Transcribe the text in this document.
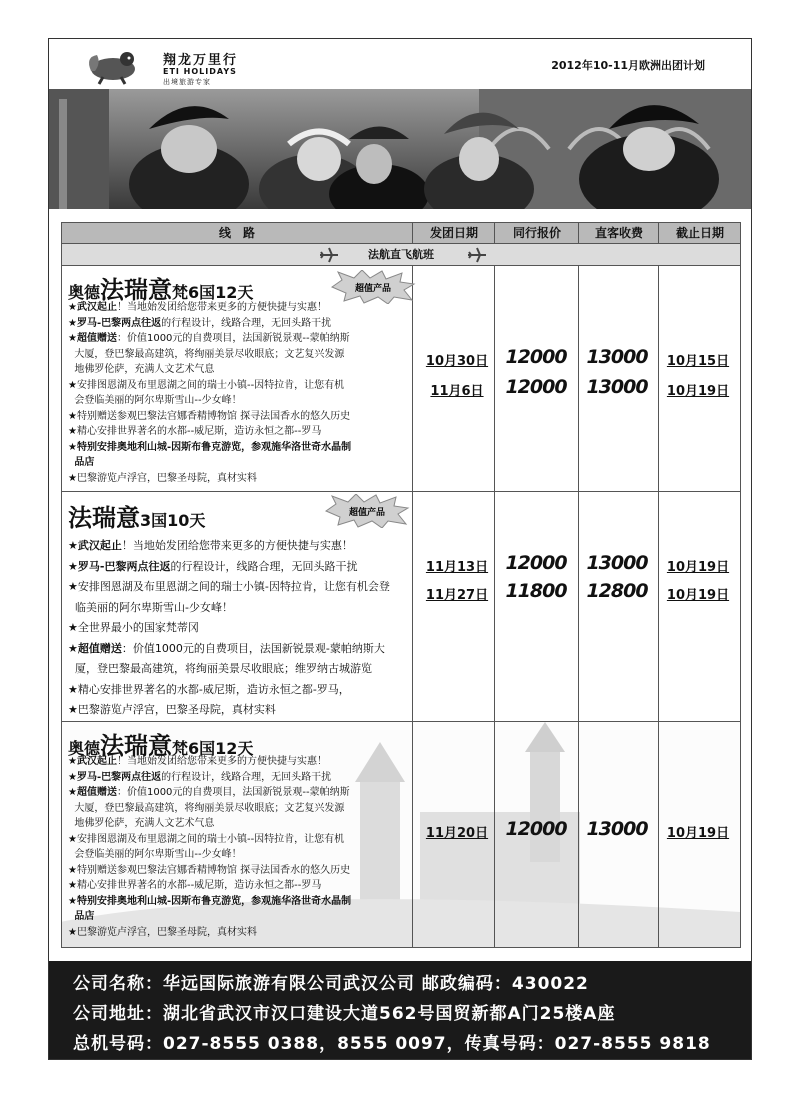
翔龙万里行
ETI HOLIDAYS
出境旅游专家
2012年10-11月欧洲出团计划
线　路	发团日期	同行报价	直客收费	截止日期
法航直飞航班
奥德法瑞意梵6国12天	超值产品
★武汉起止！当地始发团给您带来更多的方便快捷与实惠！
★罗马-巴黎两点往返的行程设计，线路合理，无回头路干扰
★超值赠送：价值1000元的自费项目，法国新锐景观--蒙帕纳斯
大厦，登巴黎最高建筑，将绚丽美景尽收眼底；文艺复兴发源
地佛罗伦萨，充满人文艺术气息
★安排图恩湖及布里恩湖之间的瑞士小镇--因特拉肯，让您有机
会登临美丽的阿尔卑斯雪山--少女峰！
★特别赠送参观巴黎法宫娜香精博物馆 探寻法国香水的悠久历史
★精心安排世界著名的水都--威尼斯，造访永恒之都--罗马
★特别安排奥地利山城-因斯布鲁克游览，参观施华洛世奇水晶制
品店
★巴黎游览卢浮宫，巴黎圣母院，真材实料
10月30日 12000	13000	10月15日
11月6日	12000	13000	10月19日
法瑞意3国10天	超值产品
★武汉起止！当地始发团给您带来更多的方便快捷与实惠！
★罗马-巴黎两点往返的行程设计，线路合理，无回头路干扰
★安排图恩湖及布里恩湖之间的瑞士小镇-因特拉肯，让您有机会登
临美丽的阿尔卑斯雪山-少女峰！
★全世界最小的国家梵蒂冈
★超值赠送：价值1000元的自费项目，法国新锐景观-蒙帕纳斯大
厦，登巴黎最高建筑，将绚丽美景尽收眼底；维罗纳古城游览
★精心安排世界著名的水都-威尼斯，造访永恒之都-罗马，
★巴黎游览卢浮宫，巴黎圣母院，真材实料
11月13日 12000	13000	10月19日
11月27日 11800	12800	10月19日
奥德法瑞意梵6国12天
★武汉起止！当地始发团给您带来更多的方便快捷与实惠！
★罗马-巴黎两点往返的行程设计，线路合理，无回头路干扰
★超值赠送：价值1000元的自费项目，法国新锐景观--蒙帕纳斯
大厦，登巴黎最高建筑，将绚丽美景尽收眼底；文艺复兴发源
地佛罗伦萨，充满人文艺术气息
★安排图恩湖及布里恩湖之间的瑞士小镇--因特拉肯，让您有机
会登临美丽的阿尔卑斯雪山--少女峰！
★特别赠送参观巴黎法宫娜香精博物馆 探寻法国香水的悠久历史
★精心安排世界著名的水都--威尼斯，造访永恒之都--罗马
★特别安排奥地利山城-因斯布鲁克游览，参观施华洛世奇水晶制
品店
★巴黎游览卢浮宫，巴黎圣母院，真材实料
11月20日 12000	13000	10月19日
公司名称：华远国际旅游有限公司武汉公司 邮政编码：430022
公司地址：湖北省武汉市汉口建设大道562号国贸新都A门25楼A座
总机号码：027-8555 0388，8555 0097，传真号码：027-8555 9818
